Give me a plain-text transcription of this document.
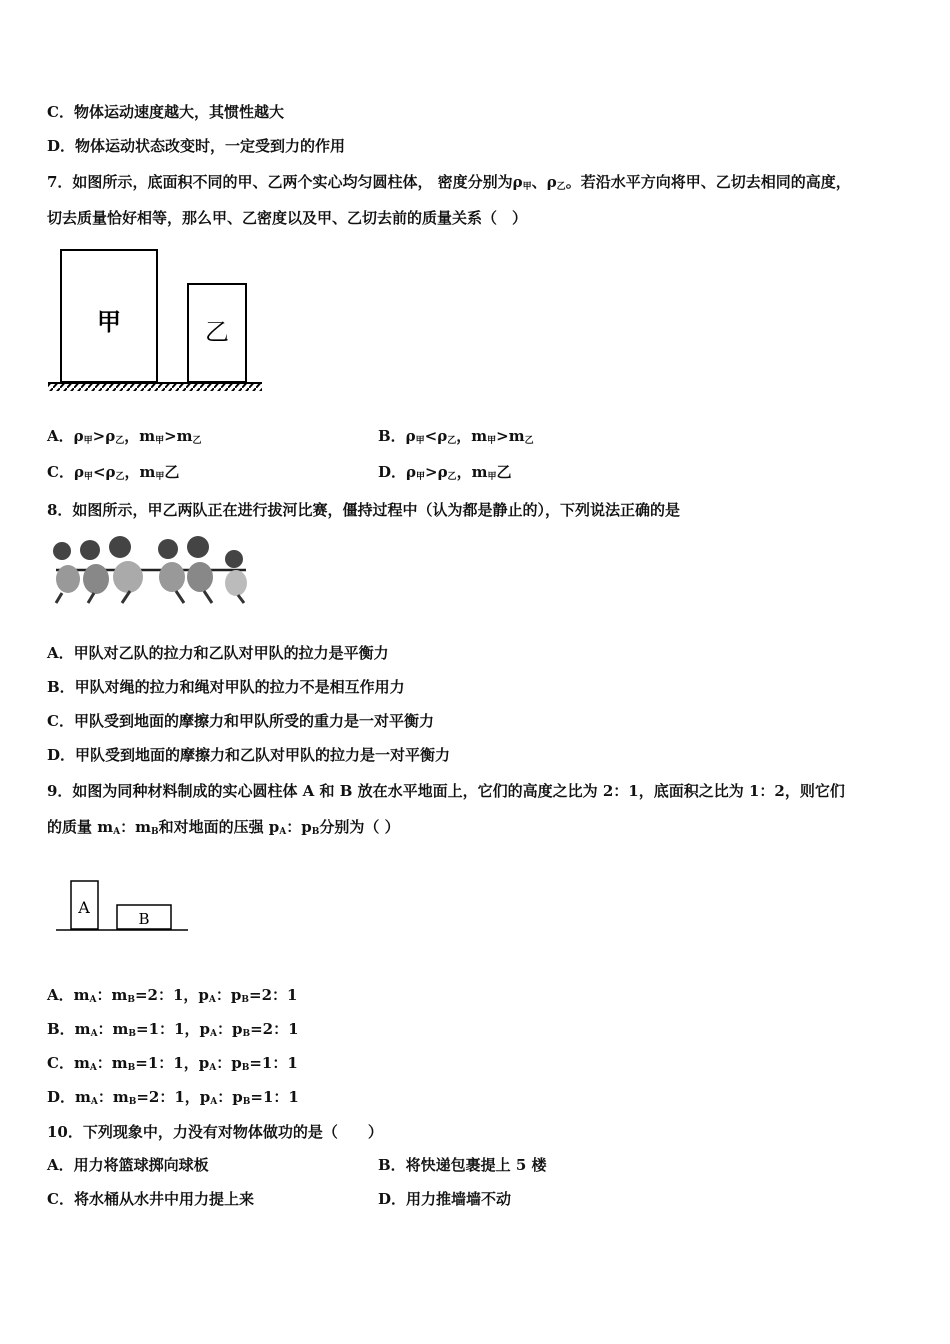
C．物体运动速度越大，其惯性越大
D．物体运动状态改变时，一定受到力的作用
7．如图所示，底面积不同的甲、乙两个实心均匀圆柱体， 密度分别为$\rho_甲$、$\rho_乙$。若沿水平方向将甲、乙切去相同的高度，
切去质量恰好相等，那么甲、乙密度以及甲、乙切去前的质量关系（　）
甲	乙
A．$\rho_甲>\rho_乙$，$m_甲>m_乙$	B．$\rho_甲<\rho_乙$，$m_甲>m_乙$
C．$\rho_甲<\rho_乙$，$m_甲$乙	D．$\rho_甲>\rho_乙$，$m_甲$乙
8．如图所示，甲乙两队正在进行拔河比赛，僵持过程中（认为都是静止的），下列说法正确的是
A．甲队对乙队的拉力和乙队对甲队的拉力是平衡力
B．甲队对绳的拉力和绳对甲队的拉力不是相互作用力
C．甲队受到地面的摩擦力和甲队所受的重力是一对平衡力
D．甲队受到地面的摩擦力和乙队对甲队的拉力是一对平衡力
9．如图为同种材料制成的实心圆柱体 A 和 B 放在水平地面上，它们的高度之比为 2：1，底面积之比为 1：2，则它们
的质量 $m_A$：$m_B$和对地面的压强 $p_A$：$p_B$分别为（ ）
A
B
A．$m_A$：$m_B=2$：1，$p_A$：$p_B=2$：1
B．$m_A$：$m_B=1$：1，$p_A$：$p_B=2$：1
C．$m_A$：$m_B=1$：1，$p_A$：$p_B=1$：1
D．$m_A$：$m_B=2$：1，$p_A$：$p_B=1$：1
10．下列现象中，力没有对物体做功的是（　　）
A．用力将篮球掷向球板	B．将快递包裹提上 5 楼
C．将水桶从水井中用力提上来	D．用力推墙墙不动
